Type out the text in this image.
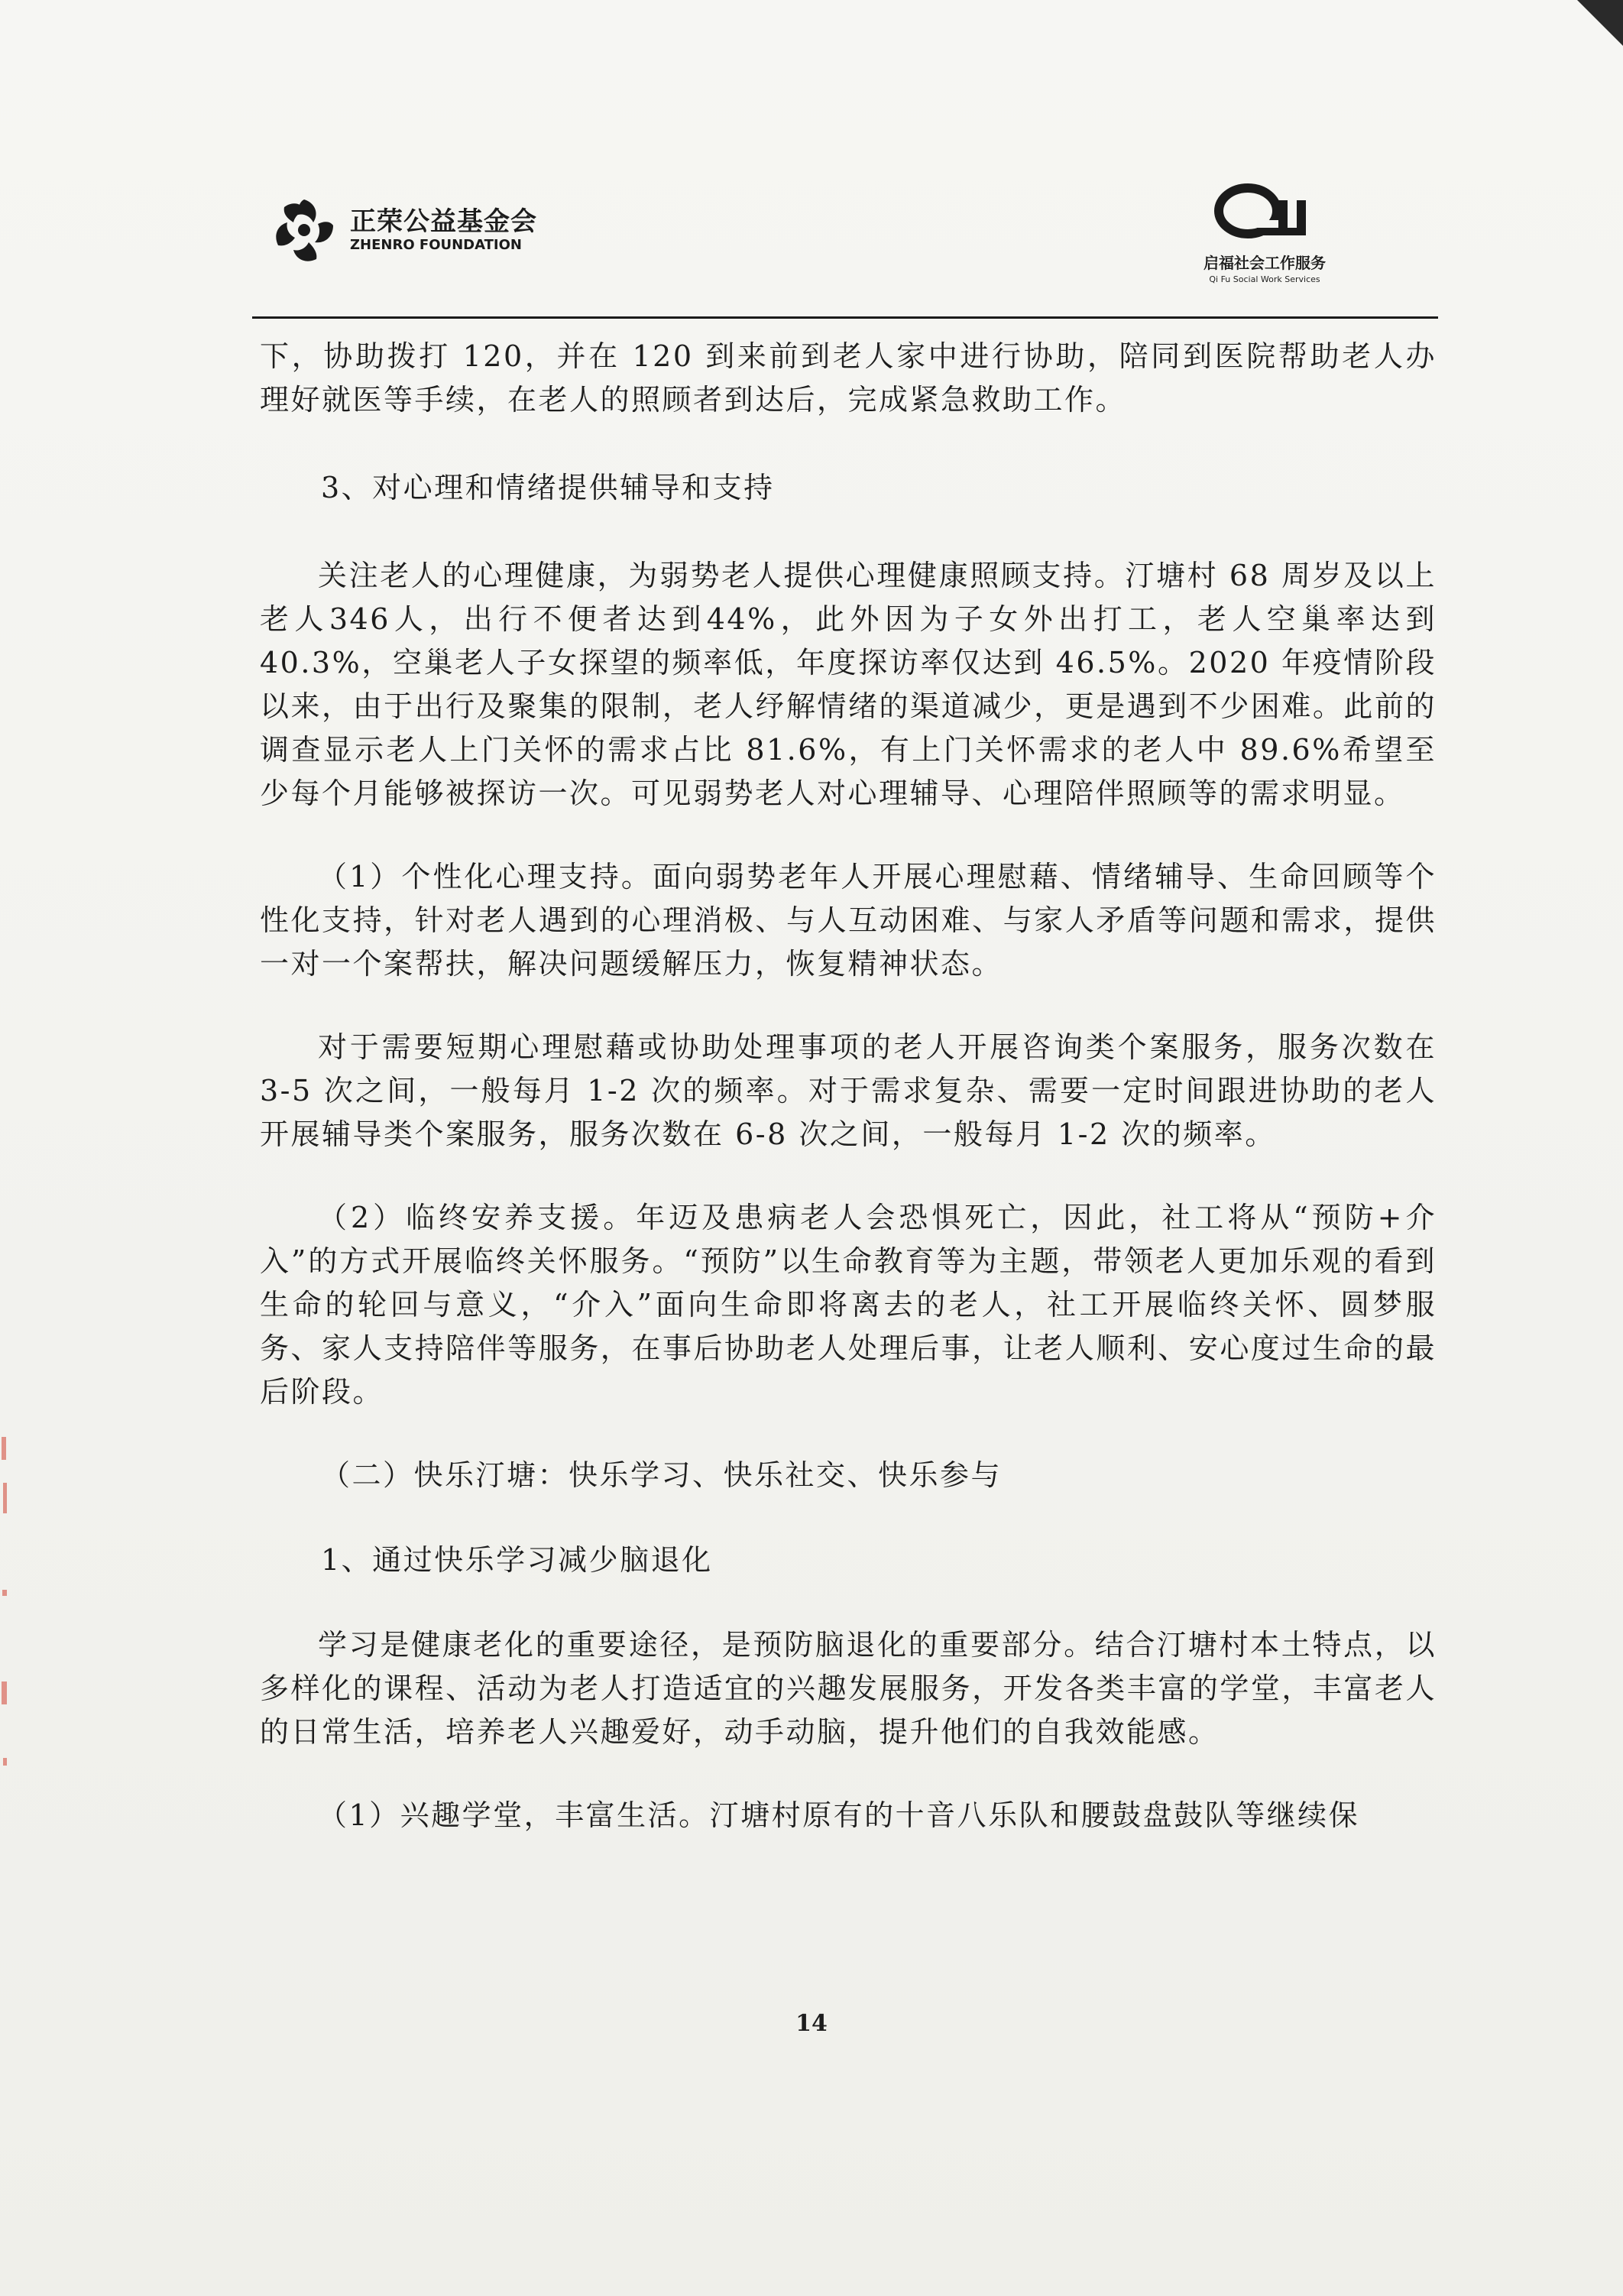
正荣公益基金会
ZHENRO FOUNDATION
启福社会工作服务
Qi Fu Social Work Services

下，协助拨打 120，并在 120 到来前到老人家中进行协助，陪同到医院帮助老人办理好就医等手续，在老人的照顾者到达后，完成紧急救助工作。

3、对心理和情绪提供辅导和支持

关注老人的心理健康，为弱势老人提供心理健康照顾支持。汀塘村 68 周岁及以上老人346人，出行不便者达到44%，此外因为子女外出打工，老人空巢率达到40.3%，空巢老人子女探望的频率低，年度探访率仅达到 46.5%。2020 年疫情阶段以来，由于出行及聚集的限制，老人纾解情绪的渠道减少，更是遇到不少困难。此前的调查显示老人上门关怀的需求占比 81.6%，有上门关怀需求的老人中 89.6%希望至少每个月能够被探访一次。可见弱势老人对心理辅导、心理陪伴照顾等的需求明显。

（1）个性化心理支持。面向弱势老年人开展心理慰藉、情绪辅导、生命回顾等个性化支持，针对老人遇到的心理消极、与人互动困难、与家人矛盾等问题和需求，提供一对一个案帮扶，解决问题缓解压力，恢复精神状态。

对于需要短期心理慰藉或协助处理事项的老人开展咨询类个案服务，服务次数在 3-5 次之间，一般每月 1-2 次的频率。对于需求复杂、需要一定时间跟进协助的老人开展辅导类个案服务，服务次数在 6-8 次之间，一般每月 1-2 次的频率。

（2）临终安养支援。年迈及患病老人会恐惧死亡，因此，社工将从“预防+介入”的方式开展临终关怀服务。“预防”以生命教育等为主题，带领老人更加乐观的看到生命的轮回与意义，“介入”面向生命即将离去的老人，社工开展临终关怀、圆梦服务、家人支持陪伴等服务，在事后协助老人处理后事，让老人顺利、安心度过生命的最后阶段。

（二）快乐汀塘：快乐学习、快乐社交、快乐参与

1、通过快乐学习减少脑退化

学习是健康老化的重要途径，是预防脑退化的重要部分。结合汀塘村本土特点，以多样化的课程、活动为老人打造适宜的兴趣发展服务，开发各类丰富的学堂，丰富老人的日常生活，培养老人兴趣爱好，动手动脑，提升他们的自我效能感。

（1）兴趣学堂，丰富生活。汀塘村原有的十音八乐队和腰鼓盘鼓队等继续保

14
